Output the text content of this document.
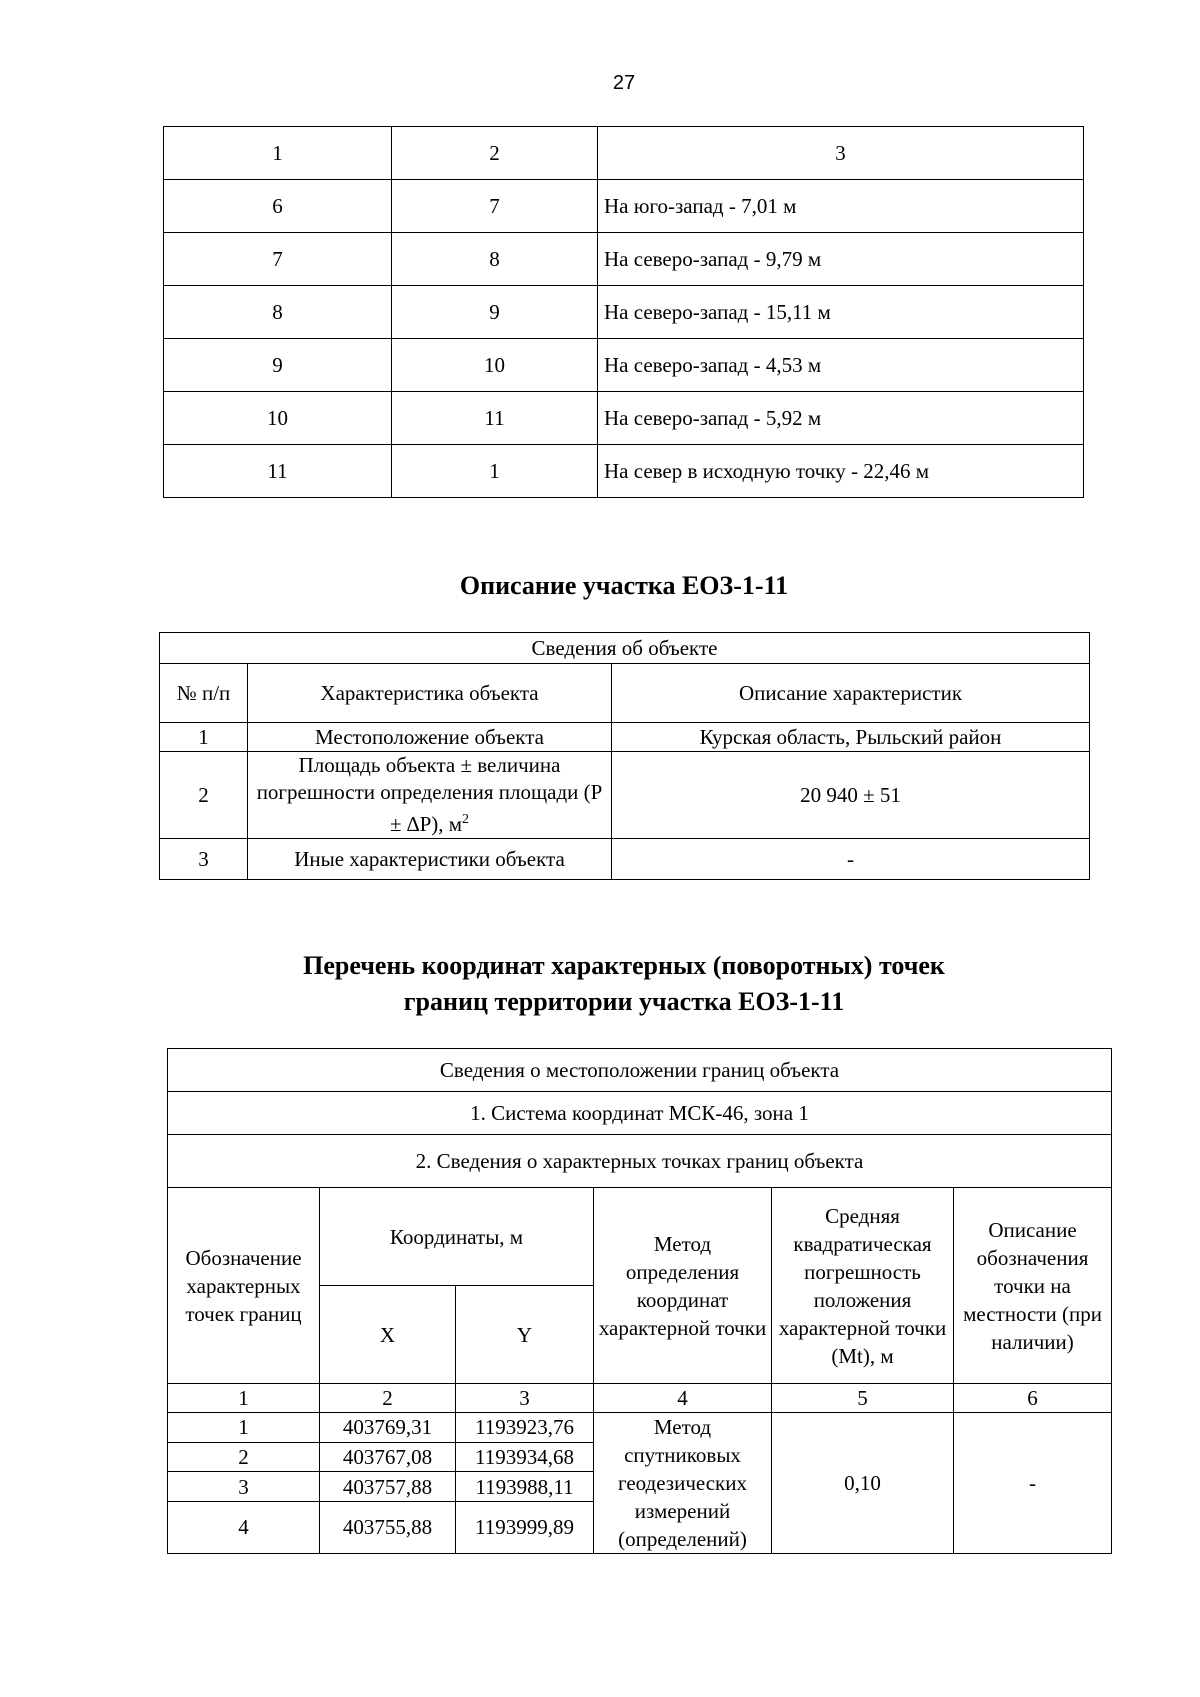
27
1	2	3
6	7	На юго-запад - 7,01 м
7	8	На северо-запад - 9,79 м
8	9	На северо-запад - 15,11 м
9	10	На северо-запад - 4,53 м
10	11	На северо-запад - 5,92 м
11	1	На север в исходную точку - 22,46 м
Описание участка ЕОЗ-1-11
Сведения об объекте		
№ п/п	Характеристика объекта	Описание характеристик
1	Местоположение объекта	Курская область, Рыльский район
2	Площадь объекта ± величина погрешности определения площади (Р ± ∆Р), $м^2$	20 940 ± 51
3	Иные характеристики объекта	-
Перечень координат характерных (поворотных) точек
границ территории участка ЕОЗ-1-11
Сведения о местоположении границ объекта					
1. Система координат МСК-46, зона 1					
2. Сведения о характерных точках границ объекта					
Обозначение характерных точек границ	Координаты, м		Метод определения координат характерной точки	Средняя квадратическая погрешность положения характерной точки (Mt), м	Описание обозначения точки на местности (при наличии)
	X	Y			
1	2	3	4	5	6
1	403769,31	1193923,76	Метод спутниковых геодезических измерений (определений)	0,10	-
2	403767,08	1193934,68			
3	403757,88	1193988,11			
4	403755,88	1193999,89			
